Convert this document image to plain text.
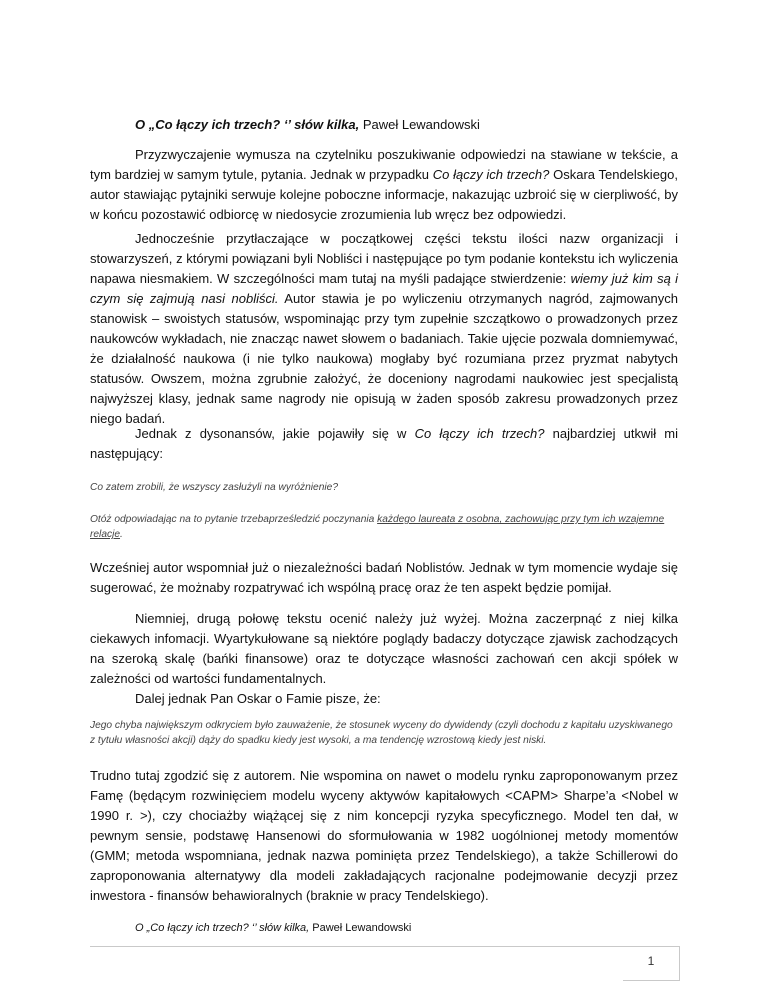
O „Co łączy ich trzech? ‘’ słów kilka, Paweł Lewandowski

Przyzwyczajenie wymusza na czytelniku poszukiwanie odpowiedzi na stawiane w tekście, a tym bardziej w samym tytule, pytania. Jednak w przypadku Co łączy ich trzech? Oskara Tendelskiego, autor stawiając pytajniki serwuje kolejne poboczne informacje, nakazując uzbroić się w cierpliwość, by w końcu pozostawić odbiorcę w niedosycie zrozumienia lub wręcz bez odpowiedzi.

Jednocześnie przytłaczające w początkowej części tekstu ilości nazw organizacji i stowarzyszeń, z którymi powiązani byli Nobliści i następujące po tym podanie kontekstu ich wyliczenia napawa niesmakiem. W szczególności mam tutaj na myśli padające stwierdzenie: wiemy już kim są i czym się zajmują nasi nobliści. Autor stawia je po wyliczeniu otrzymanych nagród, zajmowanych stanowisk – swoistych statusów, wspominając przy tym zupełnie szczątkowo o prowadzonych przez naukowców wykładach, nie znacząc nawet słowem o badaniach. Takie ujęcie pozwala domniemywać, że działalność naukowa (i nie tylko naukowa) mogłaby być rozumiana przez pryzmat nabytych statusów. Owszem, można zgrubnie założyć, że doceniony nagrodami naukowiec jest specjalistą najwyższej klasy, jednak same nagrody nie opisują w żaden sposób zakresu prowadzonych przez niego badań.

Jednak z dysonansów, jakie pojawiły się w Co łączy ich trzech? najbardziej utkwił mi następujący:

Co zatem zrobili, że wszyscy zasłużyli na wyróżnienie?

Otóż odpowiadając na to pytanie trzebaprześledzić poczynania każdego laureata z osobna, zachowując przy tym ich wzajemne relacje.

Wcześniej autor wspomniał już o niezależności badań Noblistów. Jednak w tym momencie wydaje się sugerować, że możnaby rozpatrywać ich wspólną pracę oraz że ten aspekt będzie pomijał.

Niemniej, drugą połowę tekstu ocenić należy już wyżej. Można zaczerpnąć z niej kilka ciekawych infomacji. Wyartykułowane są niektóre poglądy badaczy dotyczące zjawisk zachodzących na szeroką skalę (bańki finansowe) oraz te dotyczące własności zachowań cen akcji spółek w zależności od wartości fundamentalnych.

Dalej jednak Pan Oskar o Famie pisze, że:

Jego chyba największym odkryciem było zauważenie, że stosunek wyceny do dywidendy (czyli dochodu z kapitału uzyskiwanego z tytułu własności akcji) dąży do spadku kiedy jest wysoki, a ma tendencję wzrostową kiedy jest niski.

Trudno tutaj zgodzić się z autorem. Nie wspomina on nawet o modelu rynku zaproponowanym przez Famę (będącym rozwinięciem modelu wyceny aktywów kapitałowych <CAPM> Sharpe’a <Nobel w 1990 r. >), czy chociażby wiążącej się z nim koncepcji ryzyka specyficznego. Model ten dał, w pewnym sensie, podstawę Hansenowi do sformułowania w 1982 uogólnionej metody momentów (GMM; metoda wspomniana, jednak nazwa pominięta przez Tendelskiego), a także Schillerowi do zaproponowania alternatywy dla modeli zakładających racjonalne podejmowanie decyzji przez inwestora - finansów behawioralnych (braknie w pracy Tendelskiego).

O „Co łączy ich trzech? ‘’ słów kilka, Paweł Lewandowski
1
